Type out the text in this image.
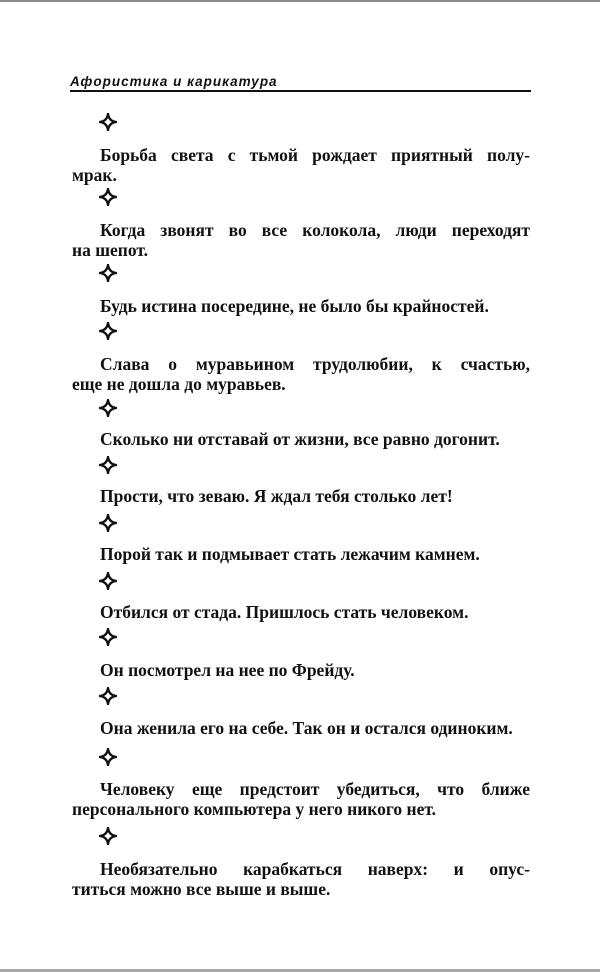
Афористика и карикатура
Борьба света с тьмой рождает приятный полу-
мрак.
Когда звонят во все колокола, люди переходят
на шепот.
Будь истина посередине, не было бы крайностей.
Слава о муравьином трудолюбии, к счастью,
еще не дошла до муравьев.
Сколько ни отставай от жизни, все равно догонит.
Прости, что зеваю. Я ждал тебя столько лет!
Порой так и подмывает стать лежачим камнем.
Отбился от стада. Пришлось стать человеком.
Он посмотрел на нее по Фрейду.
Она женила его на себе. Так он и остался одиноким.
Человеку еще предстоит убедиться, что ближе
персонального компьютера у него никого нет.
Необязательно карабкаться наверх: и опус-
титься можно все выше и выше.
